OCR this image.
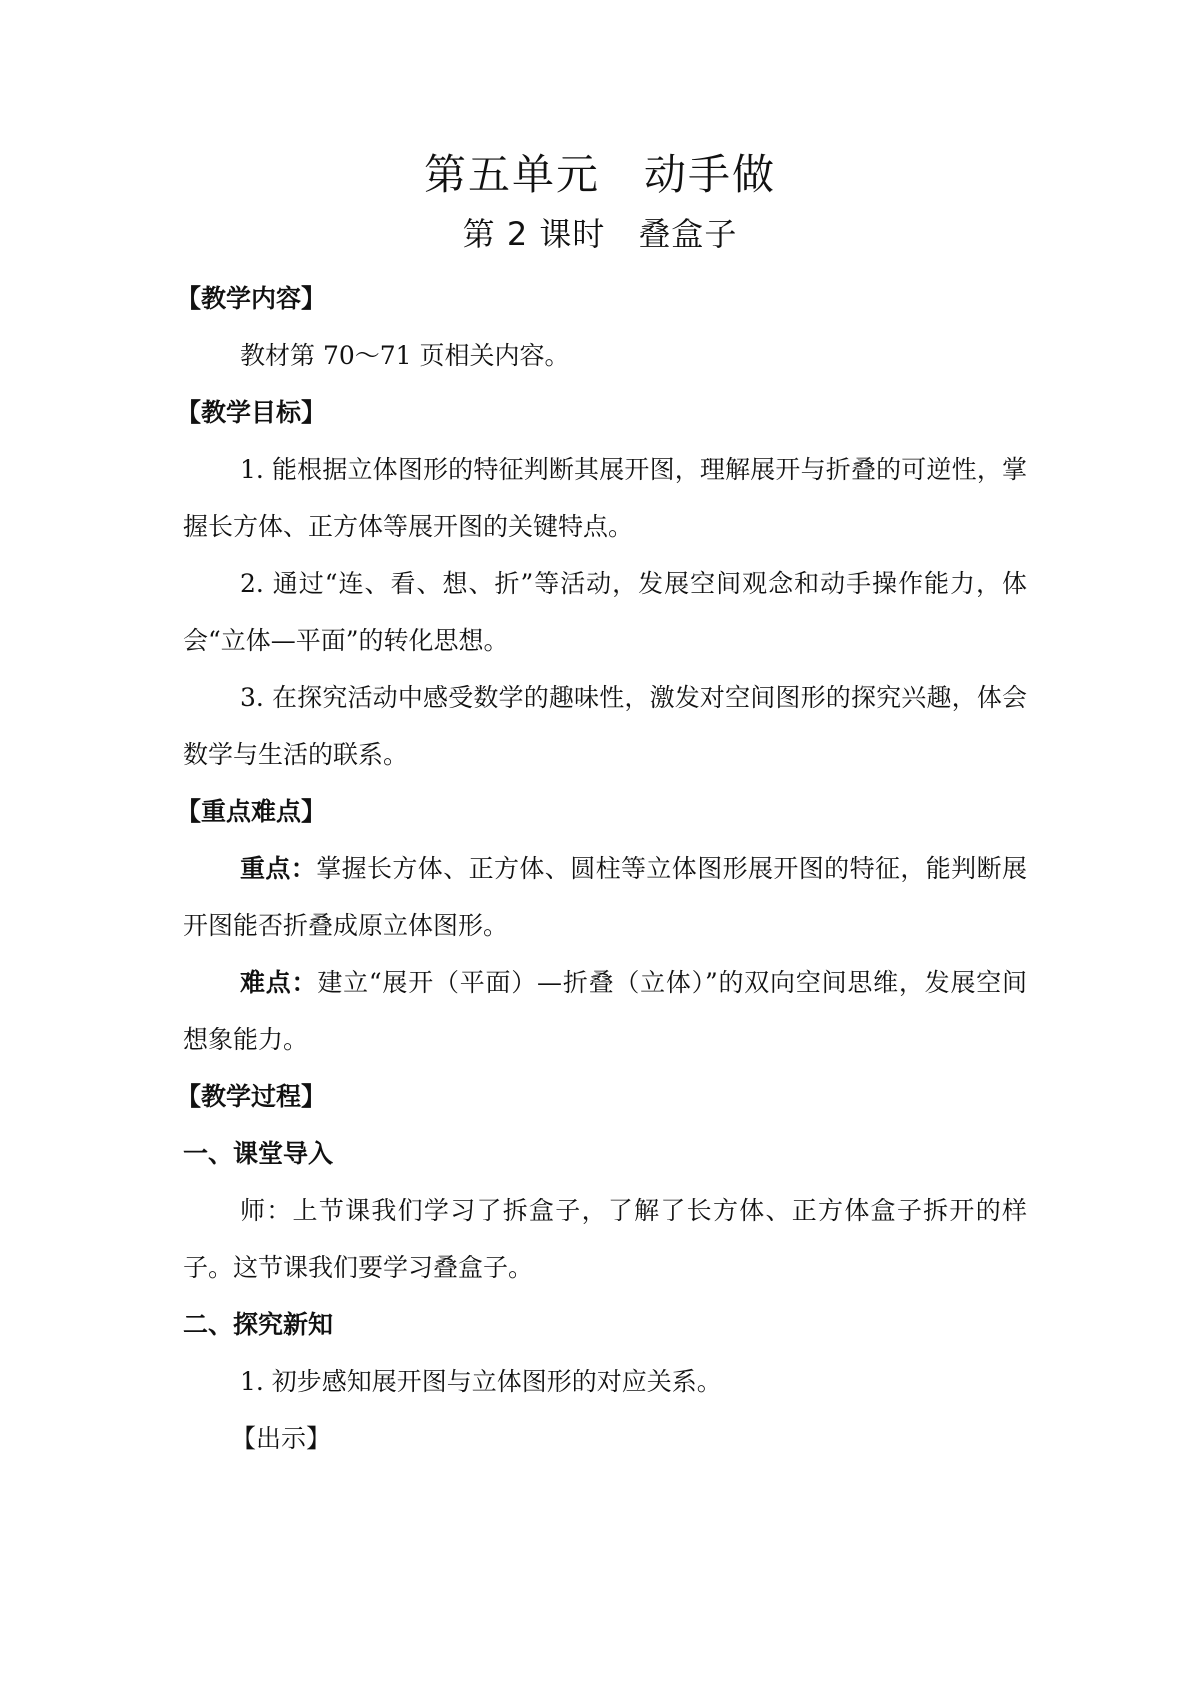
第五单元　动手做
第 2 课时　叠盒子
【教学内容】
教材第 70～71 页相关内容。
【教学目标】
1. 能根据立体图形的特征判断其展开图，理解展开与折叠的可逆性，掌握长方体、正方体等展开图的关键特点。
2. 通过“连、看、想、折”等活动，发展空间观念和动手操作能力，体会“立体—平面”的转化思想。
3. 在探究活动中感受数学的趣味性，激发对空间图形的探究兴趣，体会数学与生活的联系。
【重点难点】
重点：掌握长方体、正方体、圆柱等立体图形展开图的特征，能判断展开图能否折叠成原立体图形。
难点：建立“展开（平面）—折叠（立体）”的双向空间思维，发展空间想象能力。
【教学过程】
一、课堂导入
师：上节课我们学习了拆盒子，了解了长方体、正方体盒子拆开的样子。这节课我们要学习叠盒子。
二、探究新知
1. 初步感知展开图与立体图形的对应关系。
【出示】
